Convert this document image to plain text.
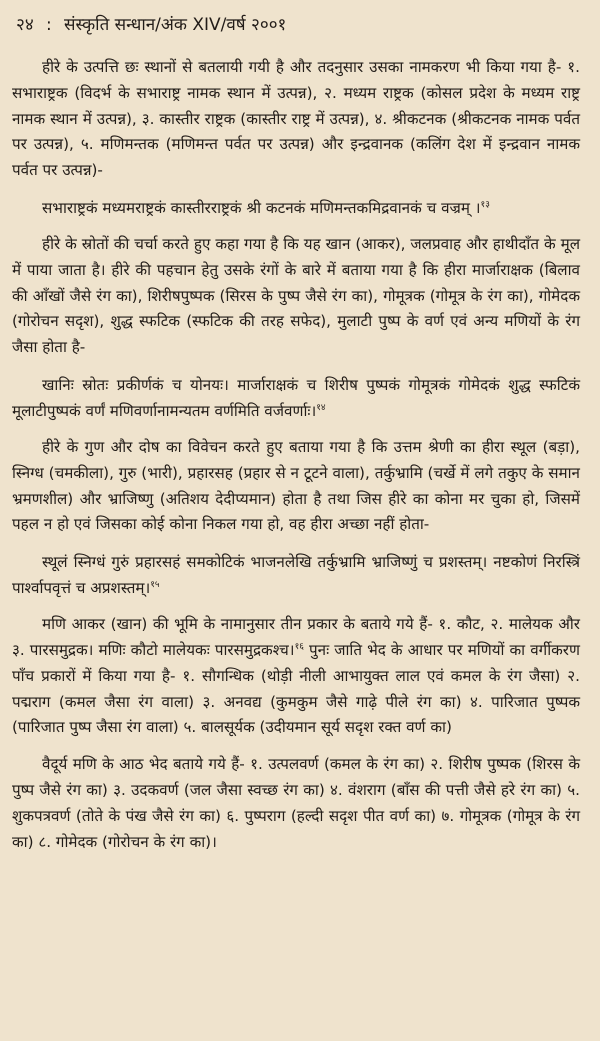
२४ : संस्कृति सन्धान/अंक XIV/वर्ष २००१

हीरे के उत्पत्ति छः स्थानों से बतलायी गयी है और तदनुसार उसका नामकरण भी किया गया है- १. सभाराष्ट्रक (विदर्भ के सभाराष्ट्र नामक स्थान में उत्पन्न), २. मध्यम राष्ट्रक (कोसल प्रदेश के मध्यम राष्ट्र नामक स्थान में उत्पन्न), ३. कास्तीर राष्ट्रक (कास्तीर राष्ट्र में उत्पन्न), ४. श्रीकटनक (श्रीकटनक नामक पर्वत पर उत्पन्न), ५. मणिमन्तक (मणिमन्त पर्वत पर उत्पन्न) और इन्द्रवानक (कलिंग देश में इन्द्रवान नामक पर्वत पर उत्पन्न)-

सभाराष्ट्रकं मध्यमराष्ट्रकं कास्तीरराष्ट्रकं श्री कटनकं मणिमन्तकमिद्रवानकं च वज्रम् ।$^{१३}$

हीरे के स्रोतों की चर्चा करते हुए कहा गया है कि यह खान (आकर), जलप्रवाह और हाथीदाँत के मूल में पाया जाता है। हीरे की पहचान हेतु उसके रंगों के बारे में बताया गया है कि हीरा मार्जाराक्षक (बिलाव की आँखों जैसे रंग का), शिरीषपुष्पक (सिरस के पुष्प जैसे रंग का), गोमूत्रक (गोमूत्र के रंग का), गोमेदक (गोरोचन सदृश), शुद्ध स्फटिक (स्फटिक की तरह सफेद), मुलाटी पुष्प के वर्ण एवं अन्य मणियों के रंग जैसा होता है-

खानिः स्रोतः प्रकीर्णकं च योनयः। मार्जाराक्षकं च शिरीष पुष्पकं गोमूत्रकं गोमेदकं शुद्ध स्फटिकं मूलाटीपुष्पकं वर्णं मणिवर्णानामन्यतम वर्णमिति वर्जवर्णाः।$^{१४}$

हीरे के गुण और दोष का विवेचन करते हुए बताया गया है कि उत्तम श्रेणी का हीरा स्थूल (बड़ा), स्निग्ध (चमकीला), गुरु (भारी), प्रहारसह (प्रहार से न टूटने वाला), तर्कुभ्रामि (चर्खे में लगे तकुए के समान भ्रमणशील) और भ्राजिष्णु (अतिशय देदीप्यमान) होता है तथा जिस हीरे का कोना मर चुका हो, जिसमें पहल न हो एवं जिसका कोई कोना निकल गया हो, वह हीरा अच्छा नहीं होता-

स्थूलं स्निग्धं गुरुं प्रहारसहं समकोटिकं भाजनलेखि तर्कुभ्रामि भ्राजिष्णुं च प्रशस्तम्। नष्टकोणं निरस्त्रिं पार्श्वापवृत्तं च अप्रशस्तम्।$^{१५}$

मणि आकर (खान) की भूमि के नामानुसार तीन प्रकार के बताये गये हैं- १. कौट, २. मालेयक और ३. पारसमुद्रक। मणिः कौटो मालेयकः पारसमुद्रकश्च।$^{१६}$ पुनः जाति भेद के आधार पर मणियों का वर्गीकरण पाँच प्रकारों में किया गया है- १. सौगन्धिक (थोड़ी नीली आभायुक्त लाल एवं कमल के रंग जैसा) २. पद्मराग (कमल जैसा रंग वाला) ३. अनवद्य (कुमकुम जैसे गाढ़े पीले रंग का) ४. पारिजात पुष्पक (पारिजात पुष्प जैसा रंग वाला) ५. बालसूर्यक (उदीयमान सूर्य सदृश रक्त वर्ण का)

वैदूर्य मणि के आठ भेद बताये गये हैं- १. उत्पलवर्ण (कमल के रंग का) २. शिरीष पुष्पक (शिरस के पुष्प जैसे रंग का) ३. उदकवर्ण (जल जैसा स्वच्छ रंग का) ४. वंशराग (बाँस की पत्ती जैसे हरे रंग का) ५. शुकपत्रवर्ण (तोते के पंख जैसे रंग का) ६. पुष्पराग (हल्दी सदृश पीत वर्ण का) ७. गोमूत्रक (गोमूत्र के रंग का) ८. गोमेदक (गोरोचन के रंग का)।
